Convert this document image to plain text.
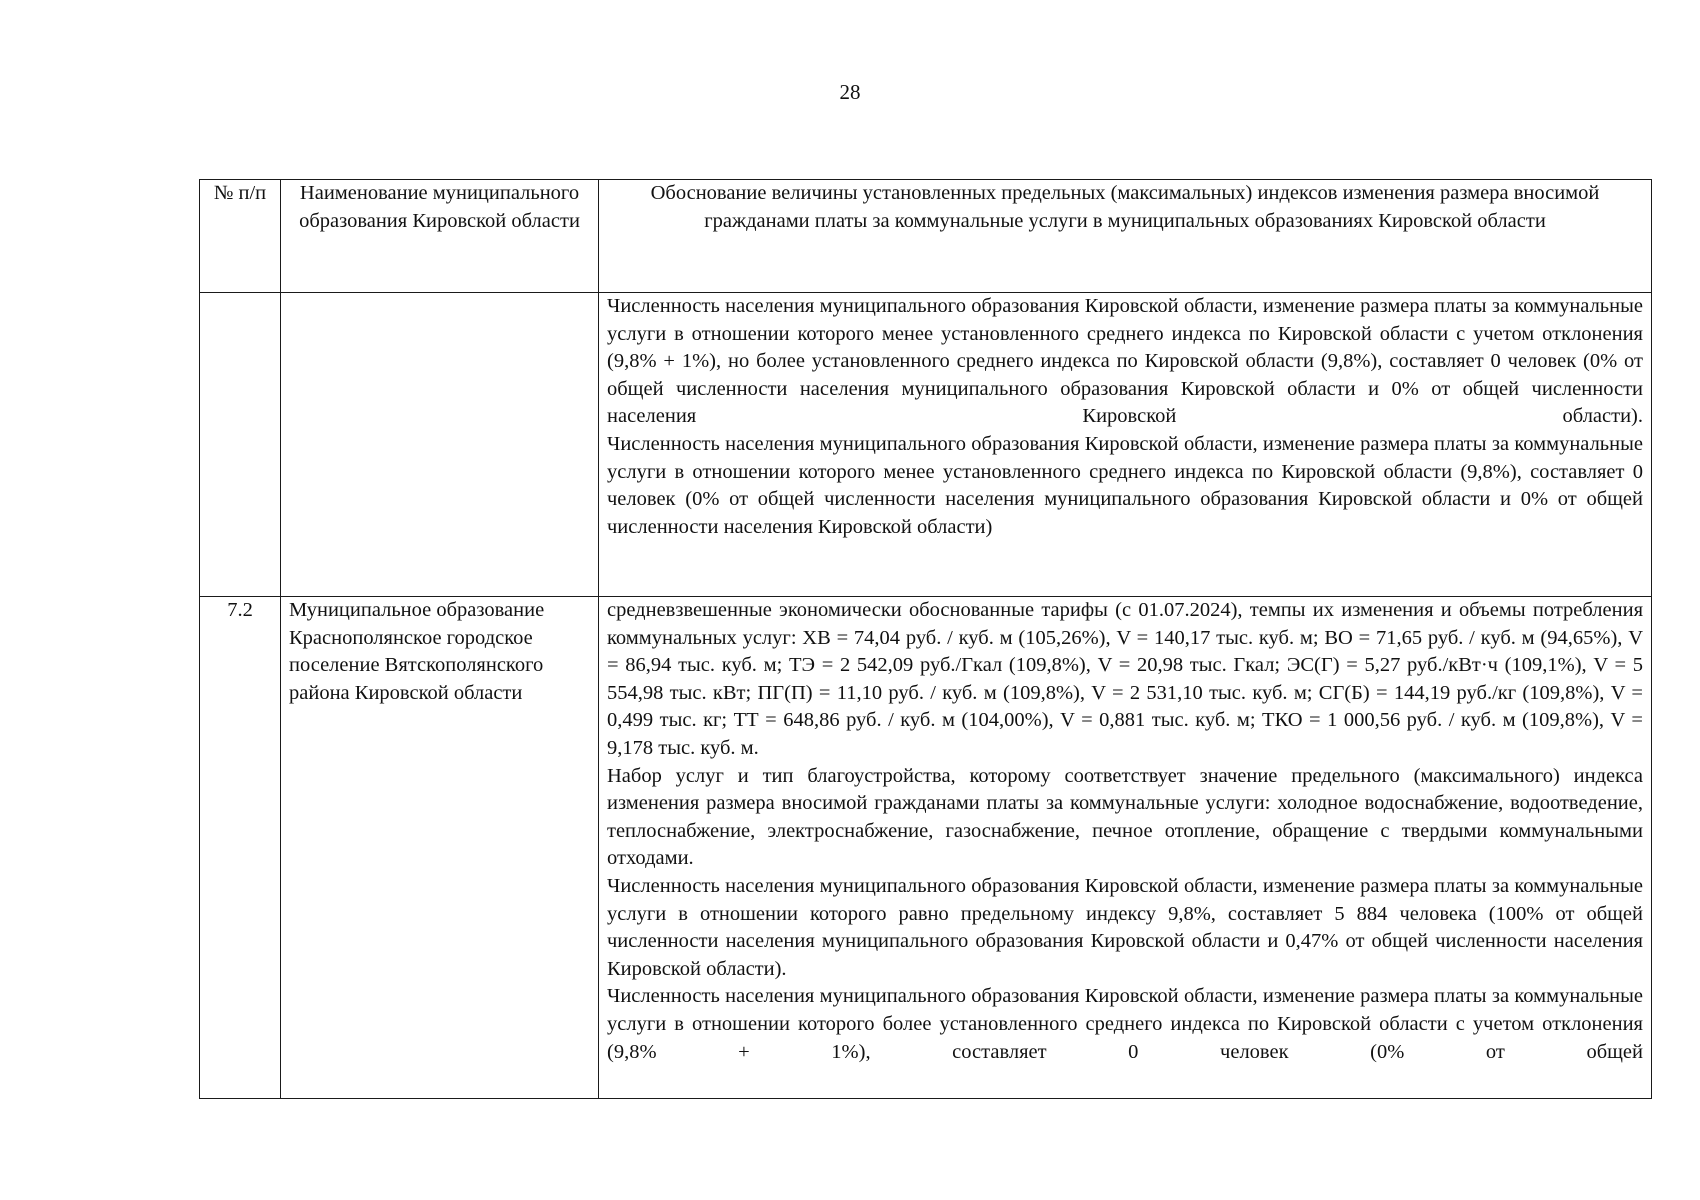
28
№ п/п	Наименование муниципального образования Кировской области	Обоснование величины установленных предельных (максимальных) индексов изменения размера вносимой гражданами платы за коммунальные услуги в муниципальных образованиях Кировской области

		Численность населения муниципального образования Кировской области, изменение размера платы за коммунальные услуги в отношении которого менее установленного среднего индекса по Кировской области с учетом отклонения (9,8% + 1%), но более установленного среднего индекса по Кировской области (9,8%), составляет 0 человек (0% от общей численности населения муниципального образования Кировской области и 0% от общей численности населения Кировской области).

Численность населения муниципального образования Кировской области, изменение размера платы за коммунальные услуги в отношении которого менее установленного среднего индекса по Кировской области (9,8%), составляет 0 человек (0% от общей численности населения муниципального образования Кировской области и 0% от общей численности населения Кировской области)

7.2	Муниципальное образование Краснополянское городское поселение Вятскополянского района Кировской области	средневзвешенные экономически обоснованные тарифы (с 01.07.2024), темпы их изменения и объемы потребления коммунальных услуг: ХВ = 74,04 руб. / куб. м (105,26%), V = 140,17 тыс. куб. м; ВО = 71,65 руб. / куб. м (94,65%), V = 86,94 тыс. куб. м; ТЭ = 2 542,09 руб./Гкал (109,8%), V = 20,98 тыс. Гкал; ЭС(Г) = 5,27 руб./кВт·ч (109,1%), V = 5 554,98 тыс. кВт; ПГ(П) = 11,10 руб. / куб. м (109,8%), V = 2 531,10 тыс. куб. м; СГ(Б) = 144,19 руб./кг (109,8%), V = 0,499 тыс. кг; ТТ = 648,86 руб. / куб. м (104,00%), V = 0,881 тыс. куб. м; ТКО = 1 000,56 руб. / куб. м (109,8%), V = 9,178 тыс. куб. м.

Набор услуг и тип благоустройства, которому соответствует значение предельного (максимального) индекса изменения размера вносимой гражданами платы за коммунальные услуги: холодное водоснабжение, водоотведение, теплоснабжение, электроснабжение, газоснабжение, печное отопление, обращение с твердыми коммунальными отходами.

Численность населения муниципального образования Кировской области, изменение размера платы за коммунальные услуги в отношении которого равно предельному индексу 9,8%, составляет 5 884 человека (100% от общей численности населения муниципального образования Кировской области и 0,47% от общей численности населения Кировской области).

Численность населения муниципального образования Кировской области, изменение размера платы за коммунальные услуги в отношении которого более установленного среднего индекса по Кировской области с учетом отклонения (9,8% + 1%), составляет 0 человек (0% от общей
